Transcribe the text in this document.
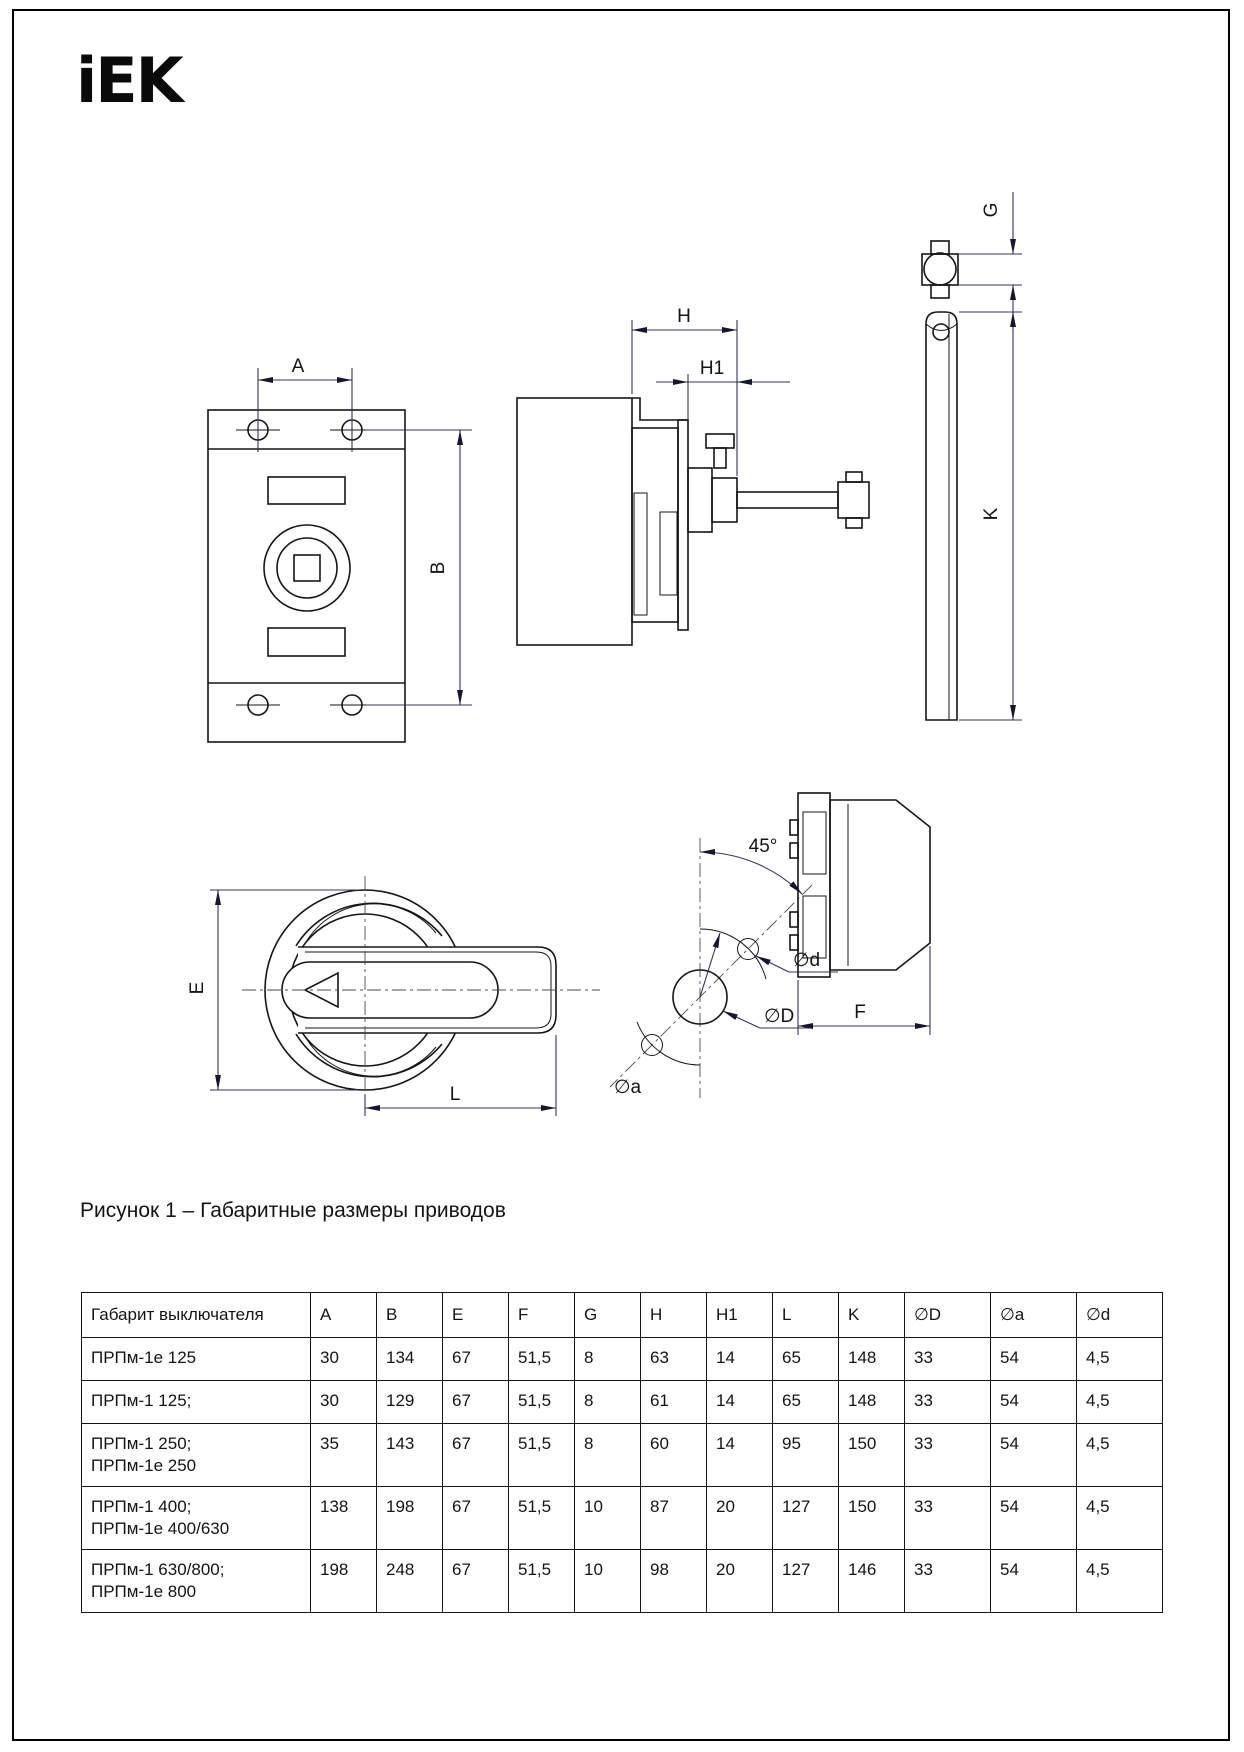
iEK
A
B
H
H1
G
K
E
L
45°
∅d
∅D
∅a
F
Рисунок 1 – Габаритные размеры приводов
Габарит выключателя	A	B	E	F	G	H	H1	L	K	∅D	∅a	∅d
ПРПм-1е 125	30	134	67	51,5	8	63	14	65	148	33	54	4,5
ПРПм-1 125;	30	129	67	51,5	8	61	14	65	148	33	54	4,5
ПРПм-1 250;
ПРПм-1е 250	35	143	67	51,5	8	60	14	95	150	33	54	4,5
ПРПм-1 400;
ПРПм-1е 400/630	138	198	67	51,5	10	87	20	127	150	33	54	4,5
ПРПм-1 630/800;
ПРПм-1е 800	198	248	67	51,5	10	98	20	127	146	33	54	4,5
